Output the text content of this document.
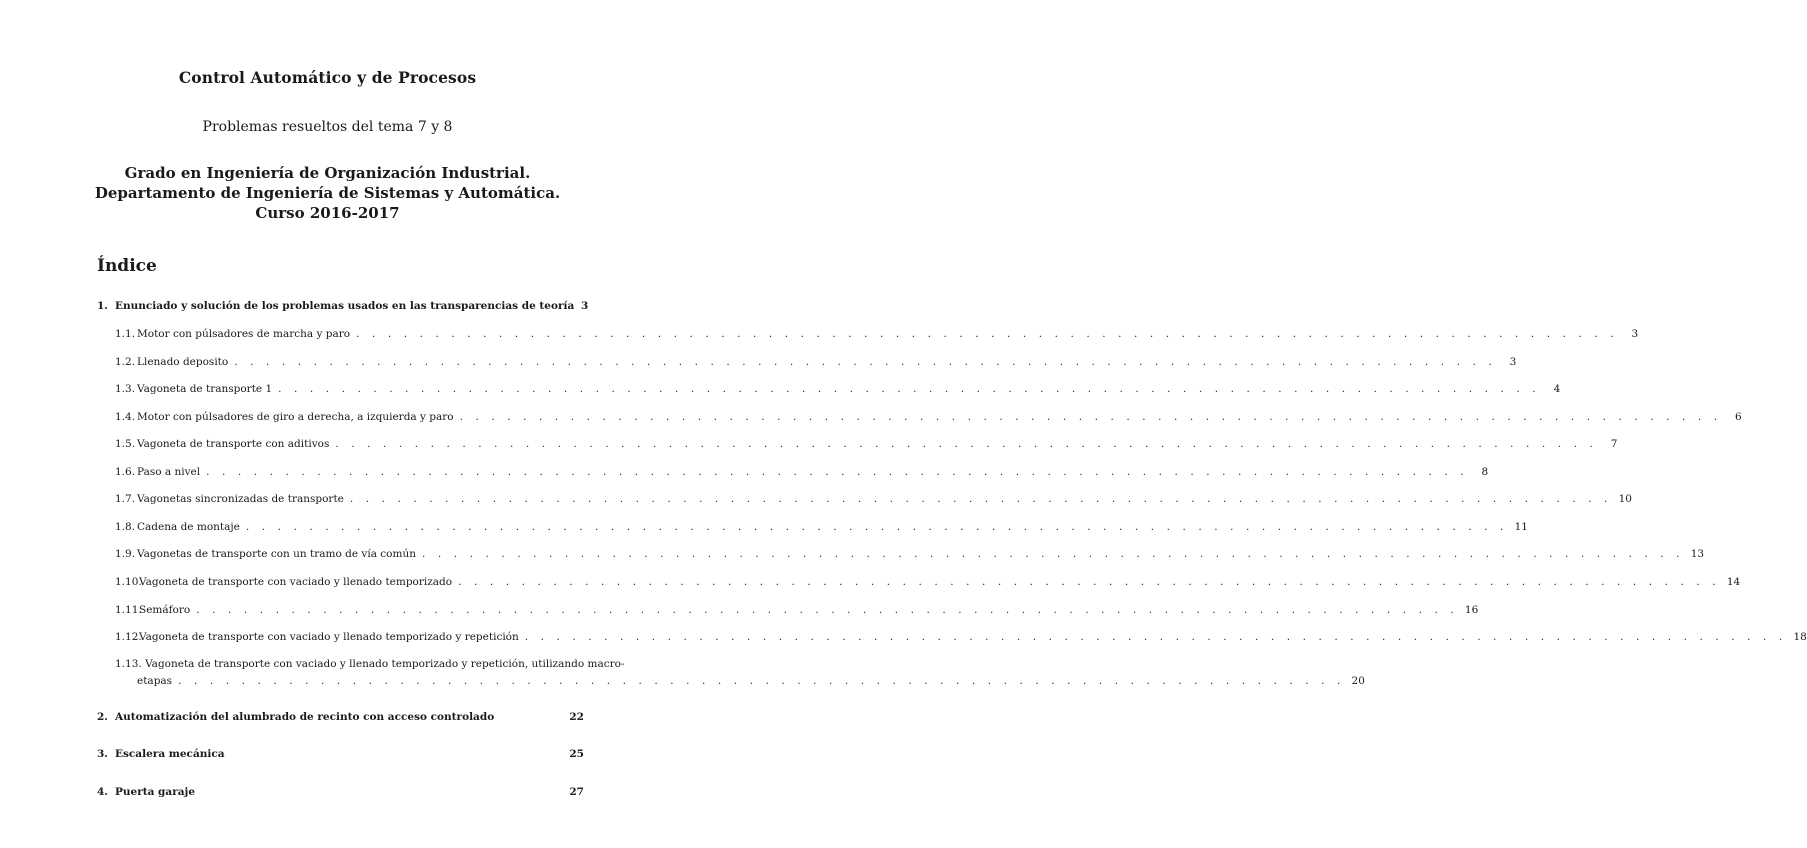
Control Automático y de Procesos
Problemas resueltos del tema 7 y 8
Grado en Ingeniería de Organización Industrial.
Departamento de Ingeniería de Sistemas y Automática.
Curso 2016-2017
Índice
1. Enunciado y solución de los problemas usados en las transparencias de teoría 3
1.1. Motor con púlsadores de marcha y paro . . .	3
1.2. Llenado deposito . . .	3
1.3. Vagoneta de transporte 1 . . .	4
1.4. Motor con púlsadores de giro a derecha, a izquierda y paro . . .	6
1.5. Vagoneta de transporte con aditivos . . .	7
1.6. Paso a nivel . . .	8
1.7. Vagonetas sincronizadas de transporte . . .	10
1.8. Cadena de montaje . . .	11
1.9. Vagonetas de transporte con un tramo de vía común . . .	13
1.10.
Vagoneta de transporte con vaciado y llenado temporizado . . .	14
1.11.
Semáforo . . .	16
1.12.
Vagoneta de transporte con vaciado y llenado temporizado y repetición . . .	18
1.13. Vagoneta de transporte con vaciado y llenado temporizado y repetición, utilizando macro-
etapas . . .	20
2. Automatización del alumbrado de recinto con acceso controlado	22
3. Escalera mecánica	25
4. Puerta garaje	27
